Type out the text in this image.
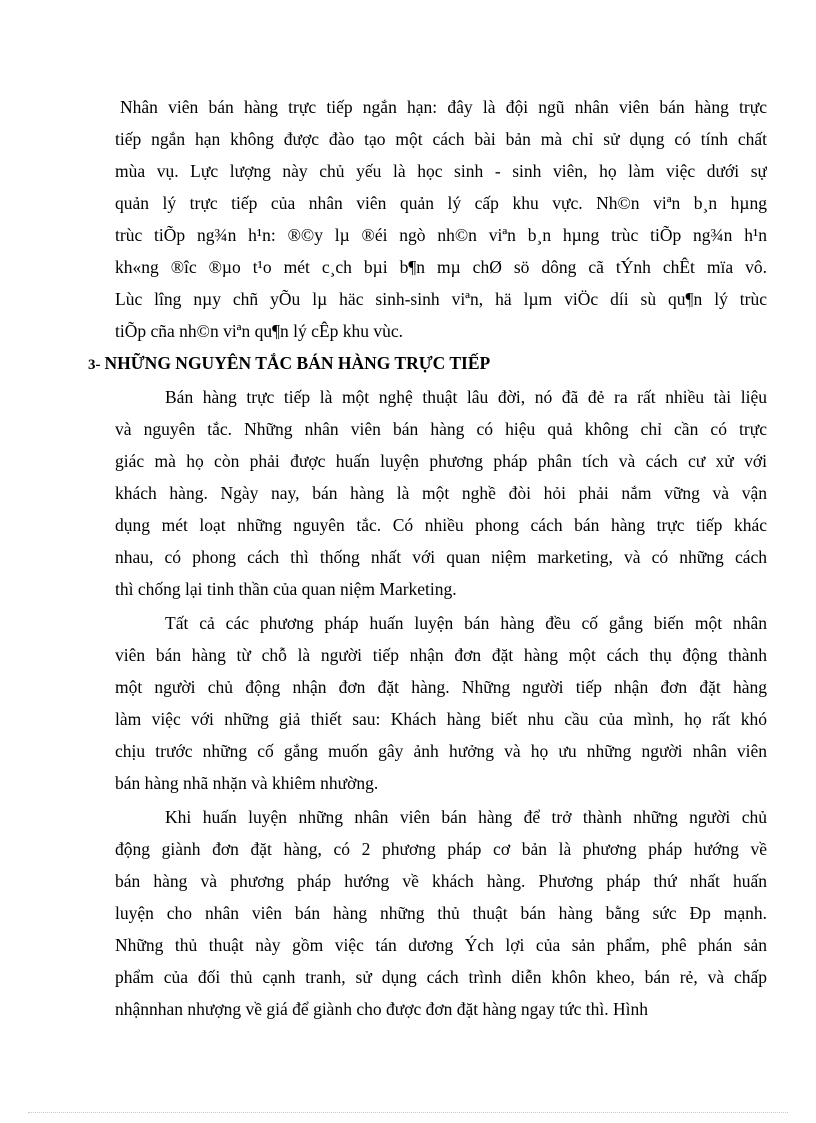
Nhân viên bán hàng trực tiếp ngắn hạn: đây là đội ngũ nhân viên bán hàng trực
tiếp ngắn hạn không được đào tạo một cách bài bản mà chỉ sử dụng có tính chất
mùa vụ. Lực lượng này chủ yếu là học sinh - sinh viên, họ làm việc dưới sự
quản lý trực tiếp của nhân viên quản lý cấp khu vực. Nh©n viªn b¸n hµng
trùc tiÕp ng¾n h¹n: ®©y lµ ®éi ngò nh©n viªn b¸n hµng trùc tiÕp ng¾n h¹n
kh«ng ®îc ®µo t¹o mét c¸ch bµi b¶n mµ chØ sö dông cã tÝnh chÊt mïa vô.
Lùc lîng nµy chñ yÕu lµ häc sinh-sinh viªn, hä lµm viÖc díi sù qu¶n lý trùc
tiÕp cña nh©n viªn qu¶n lý cÊp khu vùc.
3- NHỮNG NGUYÊN TẮC BÁN HÀNG TRỰC TIẾP
Bán hàng trực tiếp là một nghệ thuật lâu đời, nó đã đẻ ra rất nhiều tài liệu
và nguyên tắc. Những nhân viên bán hàng có hiệu quả không chỉ cần có trực
giác mà họ còn phải được huấn luyện phương pháp phân tích và cách cư xử với
khách hàng. Ngày nay, bán hàng là một nghề đòi hỏi phải nắm vững và vận
dụng mét loạt những nguyên tắc. Có nhiều phong cách bán hàng trực tiếp khác
nhau, có phong cách thì thống nhất với quan niệm marketing, và có những cách
thì chống lại tinh thần của quan niệm Marketing.
Tất cả các phương pháp huấn luyện bán hàng đều cố gắng biến một nhân
viên bán hàng từ chỗ là người tiếp nhận đơn đặt hàng một cách thụ động thành
một người chủ động nhận đơn đặt hàng. Những người tiếp nhận đơn đặt hàng
làm việc với những giả thiết sau: Khách hàng biết nhu cầu của mình, họ rất khó
chịu trước những cố gắng muốn gây ảnh hưởng và họ ưu những người nhân viên
bán hàng nhã nhặn và khiêm nhường.
Khi huấn luyện những nhân viên bán hàng để trở thành những người chủ
động giành đơn đặt hàng, có 2 phương pháp cơ bản là phương pháp hướng về
bán hàng và phương pháp hướng về khách hàng. Phương pháp thứ nhất huấn
luyện cho nhân viên bán hàng những thủ thuật bán hàng bằng sức Ðp mạnh.
Những thủ thuật này gồm việc tán dương Ých lợi của sản phẩm, phê phán sản
phẩm của đối thủ cạnh tranh, sử dụng cách trình diễn khôn kheo, bán rẻ, và chấp
nhậnnhan nhượng về giá để giành cho được đơn đặt hàng ngay tức thì. Hình
